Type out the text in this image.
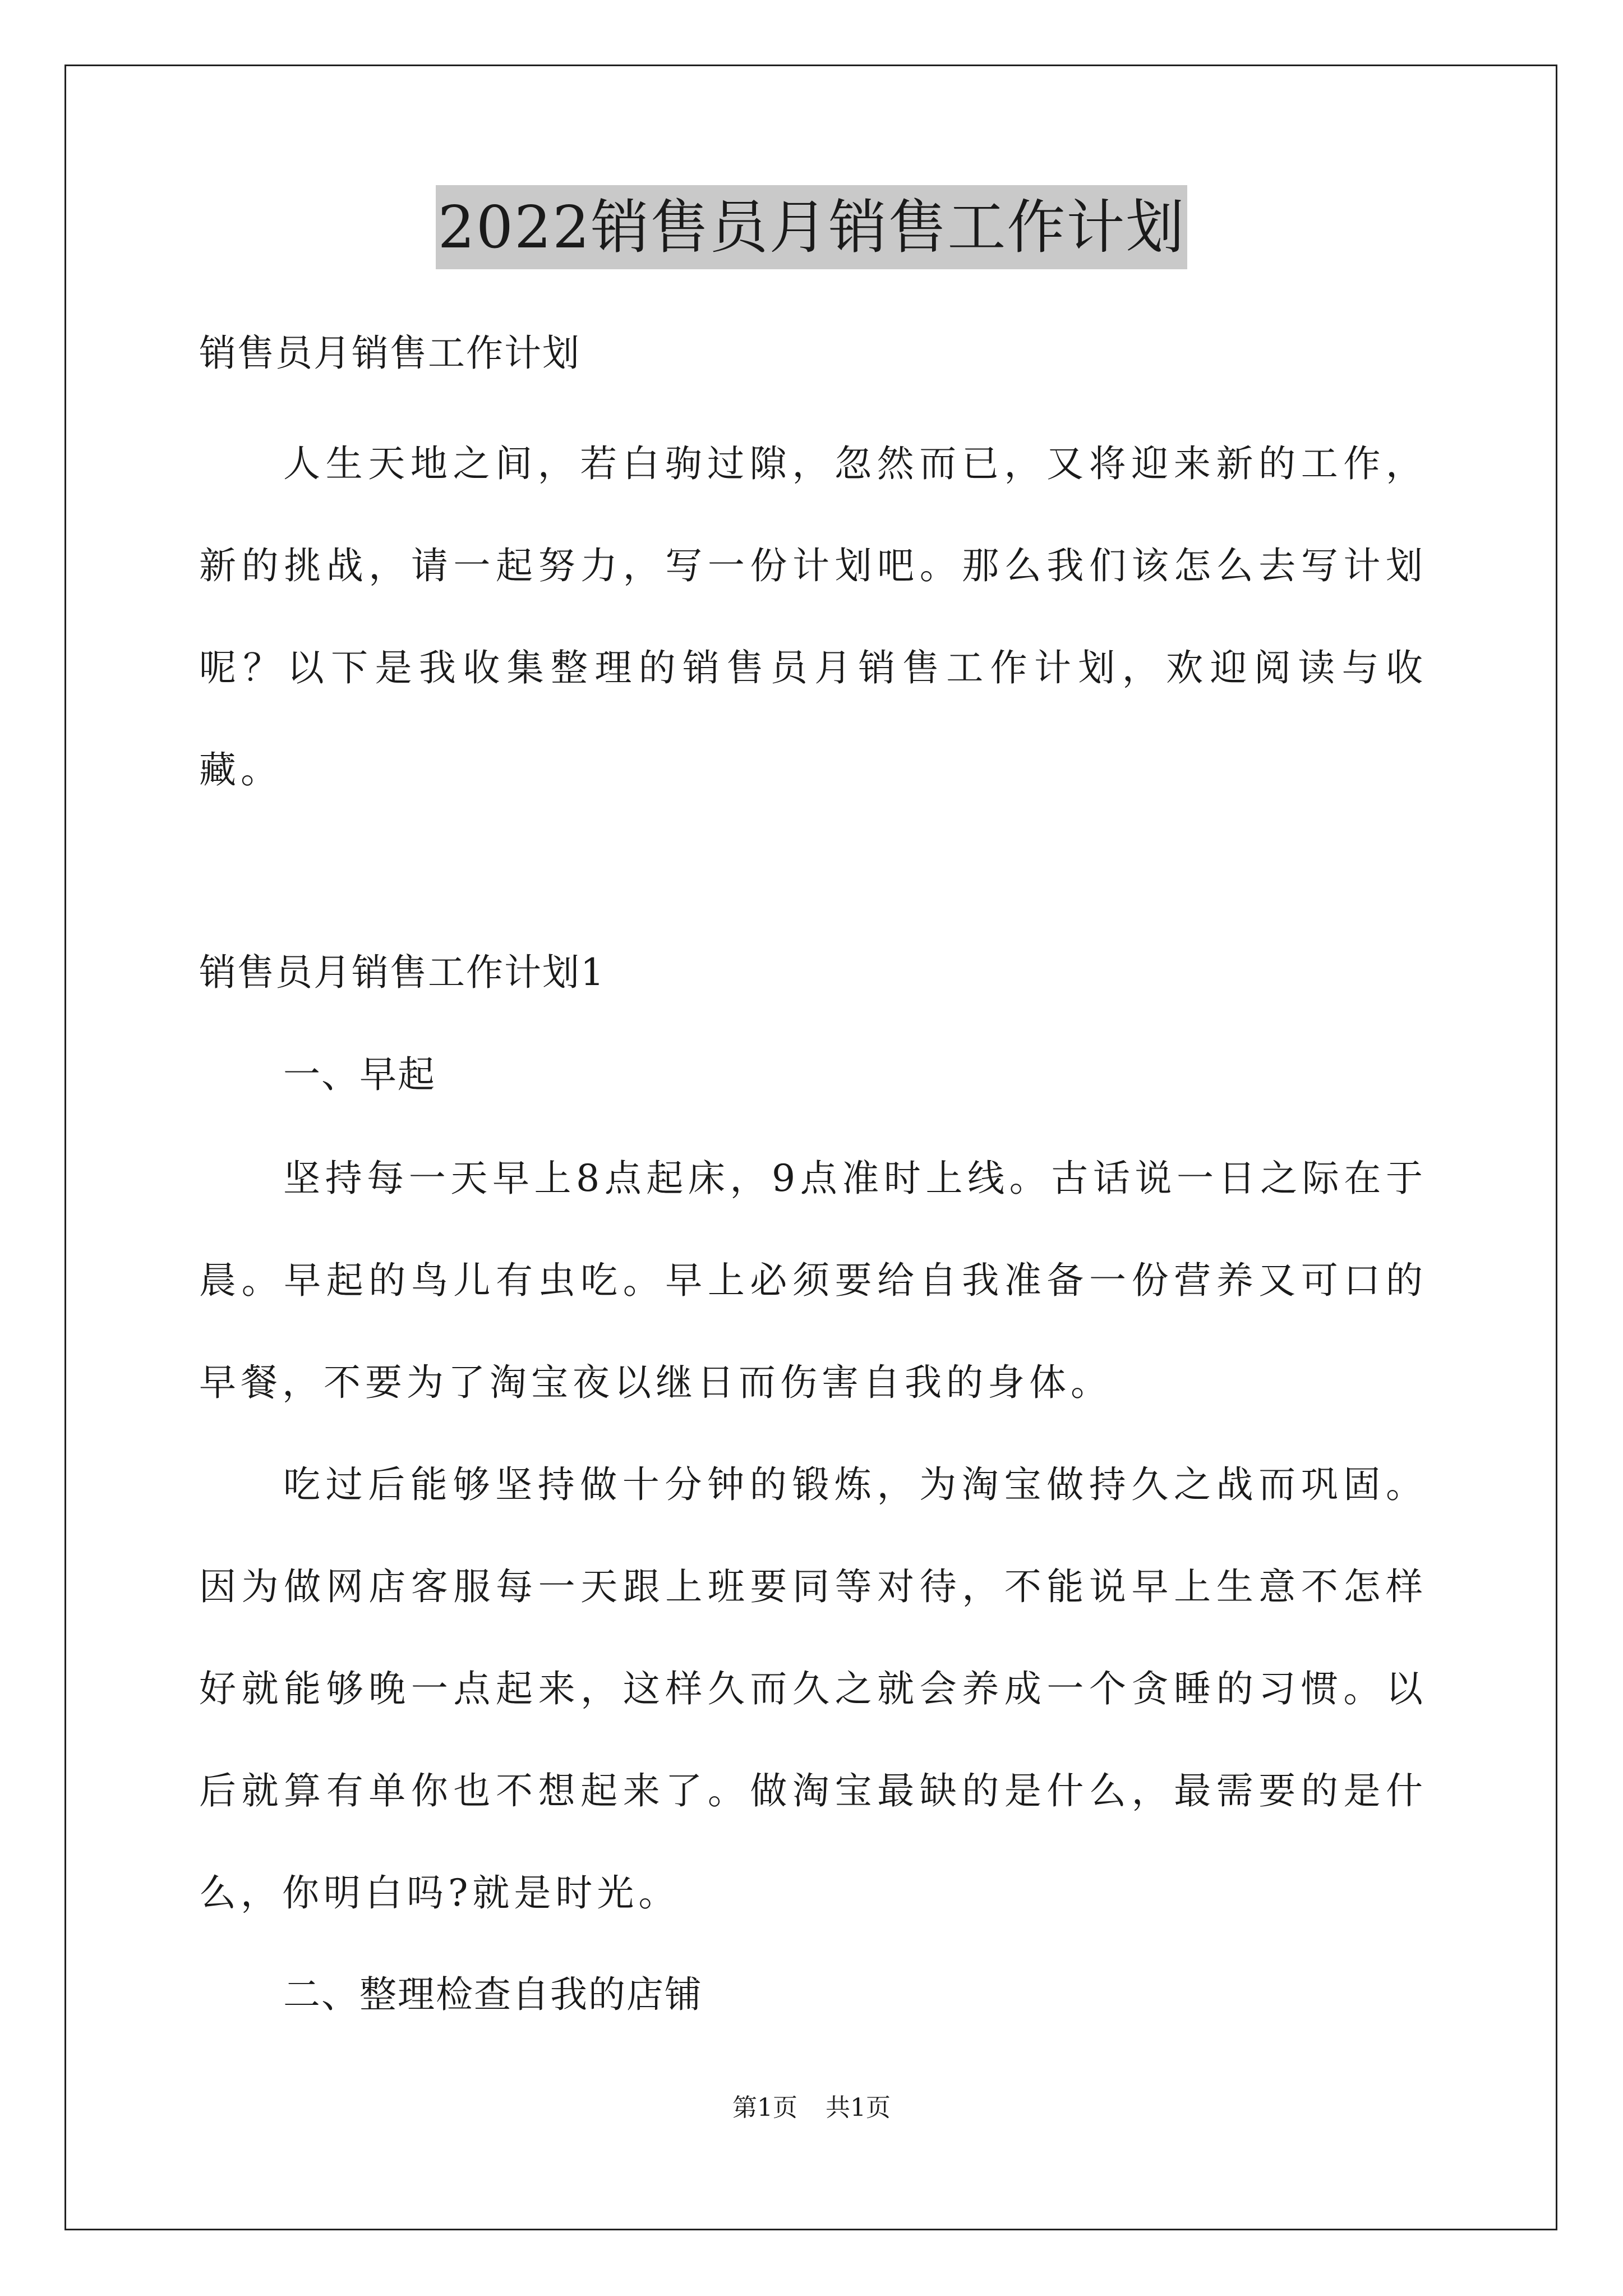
2022销售员月销售工作计划
销售员月销售工作计划

人生天地之间，若白驹过隙，忽然而已，又将迎来新的工作，新的挑战，请一起努力，写一份计划吧。那么我们该怎么去写计划呢？以下是我收集整理的销售员月销售工作计划，欢迎阅读与收藏。

销售员月销售工作计划1
一、早起

坚持每一天早上8点起床，9点准时上线。古话说一日之际在于晨。早起的鸟儿有虫吃。早上必须要给自我准备一份营养又可口的早餐，不要为了淘宝夜以继日而伤害自我的身体。

吃过后能够坚持做十分钟的锻炼，为淘宝做持久之战而巩固。因为做网店客服每一天跟上班要同等对待，不能说早上生意不怎样好就能够晚一点起来，这样久而久之就会养成一个贪睡的习惯。以后就算有单你也不想起来了。做淘宝最缺的是什么，最需要的是什么，你明白吗?就是时光。

二、整理检查自我的店铺
第1页 共1页
